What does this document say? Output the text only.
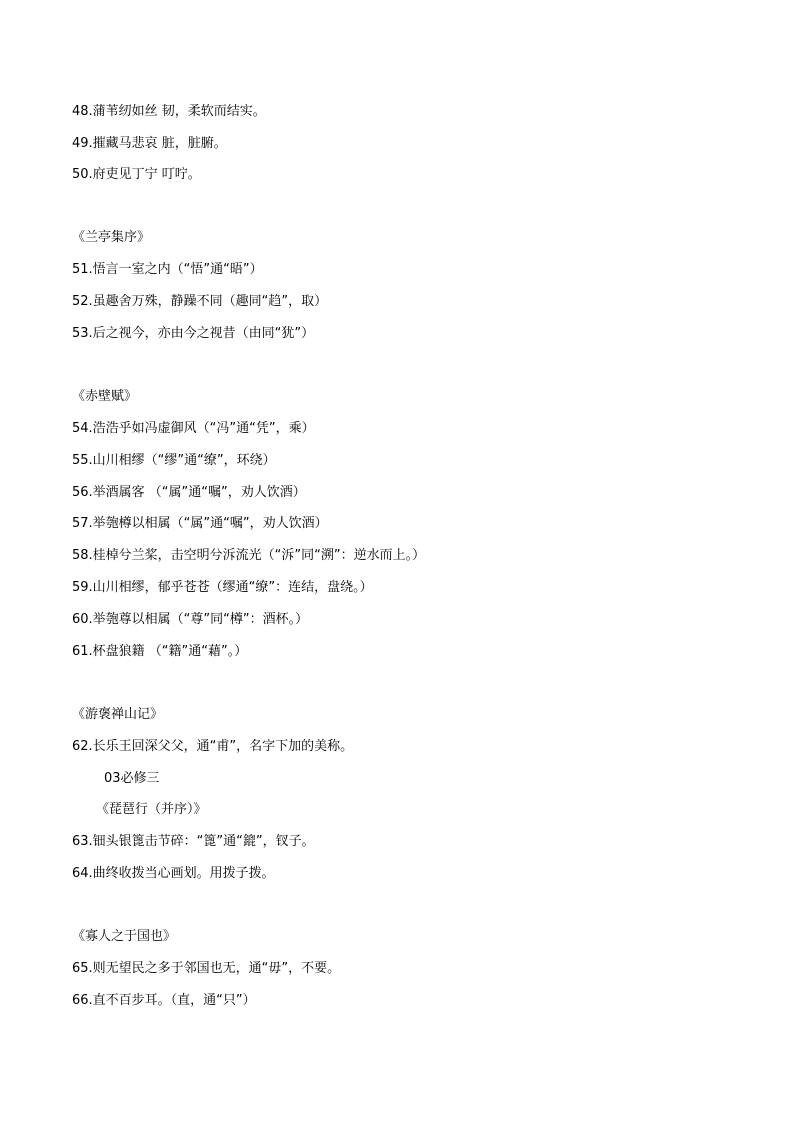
48.蒲苇纫如丝 韧，柔软而结实。
49.摧藏马悲哀 脏，脏腑。
50.府吏见丁宁 叮咛。
《兰亭集序》
51.悟言一室之内（“悟”通“晤”）
52.虽趣舍万殊，静躁不同（趣同“趋”，取）
53.后之视今，亦由今之视昔（由同“犹”）
《赤壁赋》
54.浩浩乎如冯虚御风（“冯”通“凭”，乘）
55.山川相缪（“缪”通“缭”，环绕）
56.举酒属客 （“属”通“嘱”，劝人饮酒）
57.举匏樽以相属（“属”通“嘱”，劝人饮酒）
58.桂棹兮兰桨，击空明兮泝流光（“泝”同“溯”：逆水而上。）
59.山川相缪，郁乎苍苍（缪通“缭”：连结，盘绕。）
60.举匏尊以相属（“尊”同“樽”：酒杯。）
61.杯盘狼籍 （“籍”通“藉”。）
《游褒禅山记》
62.长乐王回深父父，通“甫”，名字下加的美称。
03必修三
《琵琶行（并序）》
63.钿头银篦击节碎：“篦”通“鎞”，钗子。
64.曲终收拨当心画划。用拨子拨。
《寡人之于国也》
65.则无望民之多于邻国也无，通“毋”，不要。
66.直不百步耳。（直，通“只”）
